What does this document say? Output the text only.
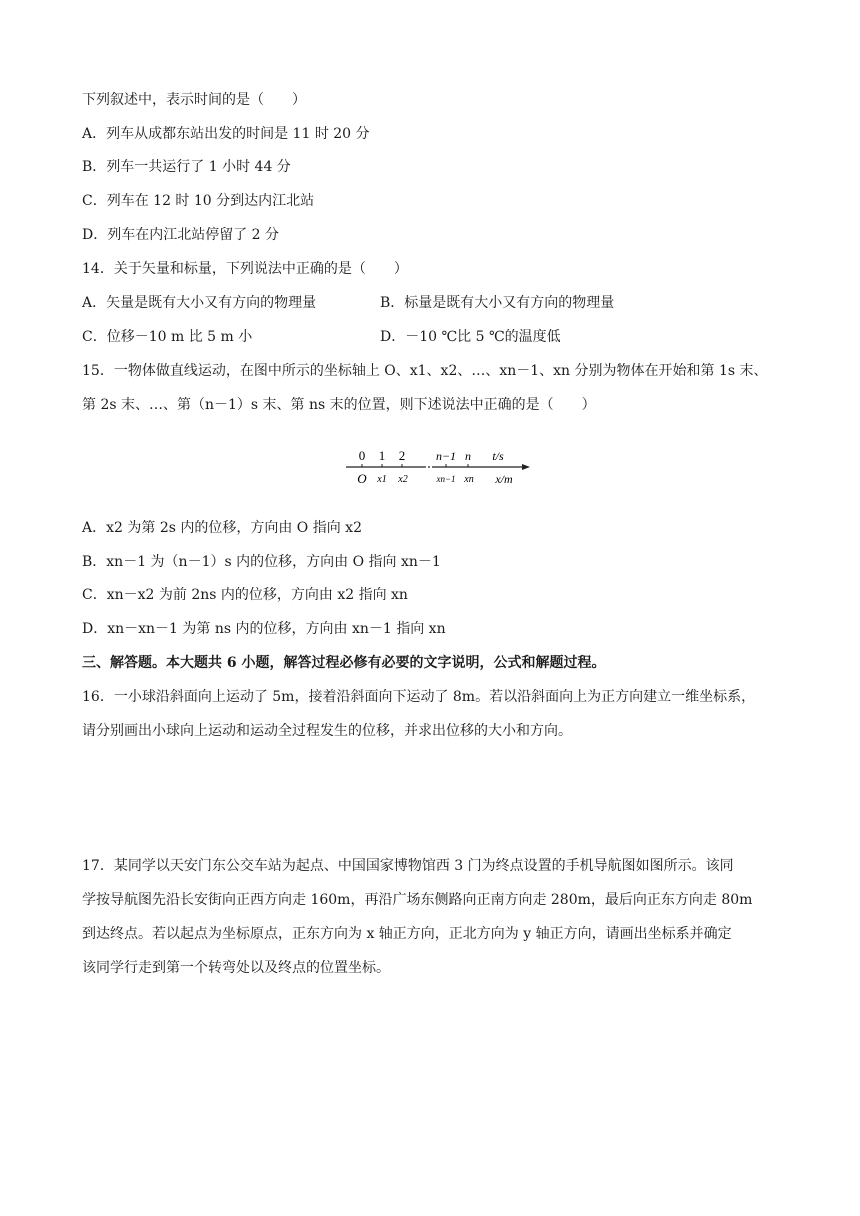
下列叙述中，表示时间的是（　　）
A．列车从成都东站出发的时间是 11 时 20 分
B．列车一共运行了 1 小时 44 分
C．列车在 12 时 10 分到达内江北站
D．列车在内江北站停留了 2 分
14．关于矢量和标量，下列说法中正确的是（　　）
A．矢量是既有大小又有方向的物理量	B．标量是既有大小又有方向的物理量
C．位移－10 m 比 5 m 小	D．－10 ℃比 5 ℃的温度低
15．一物体做直线运动，在图中所示的坐标轴上 O、x1、x2、…、xn－1、xn 分别为物体在开始和第 1s 末、
第 2s 末、…、第（n－1）s 末、第 ns 末的位置，则下述说法中正确的是（　　）
0 1 2	n−1 n t/s
O x1 x2	xn−1 xn x/m
A．x2 为第 2s 内的位移，方向由 O 指向 x2
B．xn－1 为（n－1）s 内的位移，方向由 O 指向 xn－1
C．xn－x2 为前 2ns 内的位移，方向由 x2 指向 xn
D．xn－xn－1 为第 ns 内的位移，方向由 xn－1 指向 xn
三、解答题。本大题共 6 小题，解答过程必修有必要的文字说明，公式和解题过程。
16．一小球沿斜面向上运动了 5m，接着沿斜面向下运动了 8m。若以沿斜面向上为正方向建立一维坐标系，
请分别画出小球向上运动和运动全过程发生的位移，并求出位移的大小和方向。
17．某同学以天安门东公交车站为起点、中国国家博物馆西 3 门为终点设置的手机导航图如图所示。该同
学按导航图先沿长安街向正西方向走 160m，再沿广场东侧路向正南方向走 280m，最后向正东方向走 80m
到达终点。若以起点为坐标原点，正东方向为 x 轴正方向，正北方向为 y 轴正方向，请画出坐标系并确定
该同学行走到第一个转弯处以及终点的位置坐标。
